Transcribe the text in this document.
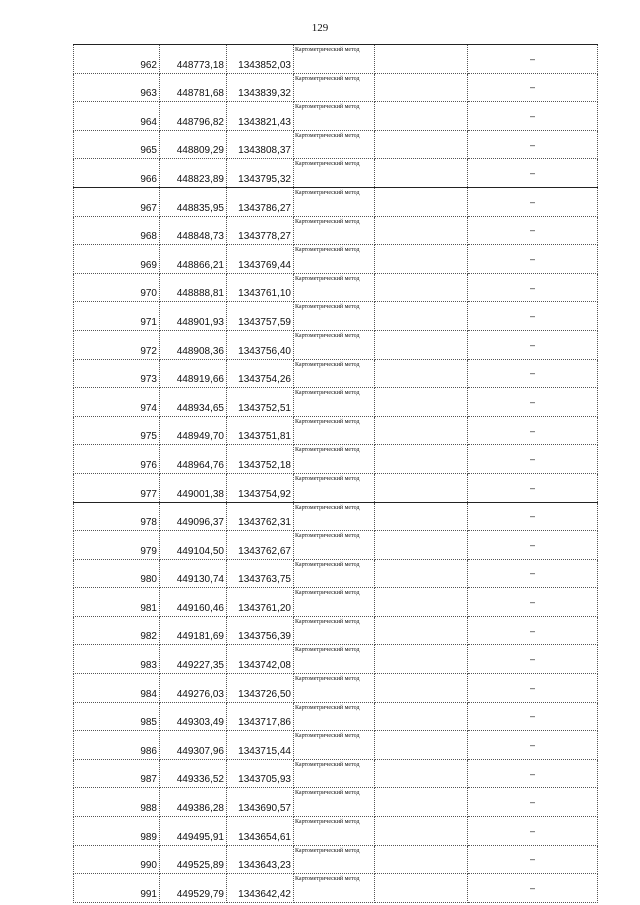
129
962	448773,18	1343852,03	Картометрический метод		–
963	448781,68	1343839,32	Картометрический метод		–
964	448796,82	1343821,43	Картометрический метод		–
965	448809,29	1343808,37	Картометрический метод		–
966	448823,89	1343795,32	Картометрический метод		–
967	448835,95	1343786,27	Картометрический метод		–
968	448848,73	1343778,27	Картометрический метод		–
969	448866,21	1343769,44	Картометрический метод		–
970	448888,81	1343761,10	Картометрический метод		–
971	448901,93	1343757,59	Картометрический метод		–
972	448908,36	1343756,40	Картометрический метод		–
973	448919,66	1343754,26	Картометрический метод		–
974	448934,65	1343752,51	Картометрический метод		–
975	448949,70	1343751,81	Картометрический метод		–
976	448964,76	1343752,18	Картометрический метод		–
977	449001,38	1343754,92	Картометрический метод		–
978	449096,37	1343762,31	Картометрический метод		–
979	449104,50	1343762,67	Картометрический метод		–
980	449130,74	1343763,75	Картометрический метод		–
981	449160,46	1343761,20	Картометрический метод		–
982	449181,69	1343756,39	Картометрический метод		–
983	449227,35	1343742,08	Картометрический метод		–
984	449276,03	1343726,50	Картометрический метод		–
985	449303,49	1343717,86	Картометрический метод		–
986	449307,96	1343715,44	Картометрический метод		–
987	449336,52	1343705,93	Картометрический метод		–
988	449386,28	1343690,57	Картометрический метод		–
989	449495,91	1343654,61	Картометрический метод		–
990	449525,89	1343643,23	Картометрический метод		–
991	449529,79	1343642,42	Картометрический метод		–
